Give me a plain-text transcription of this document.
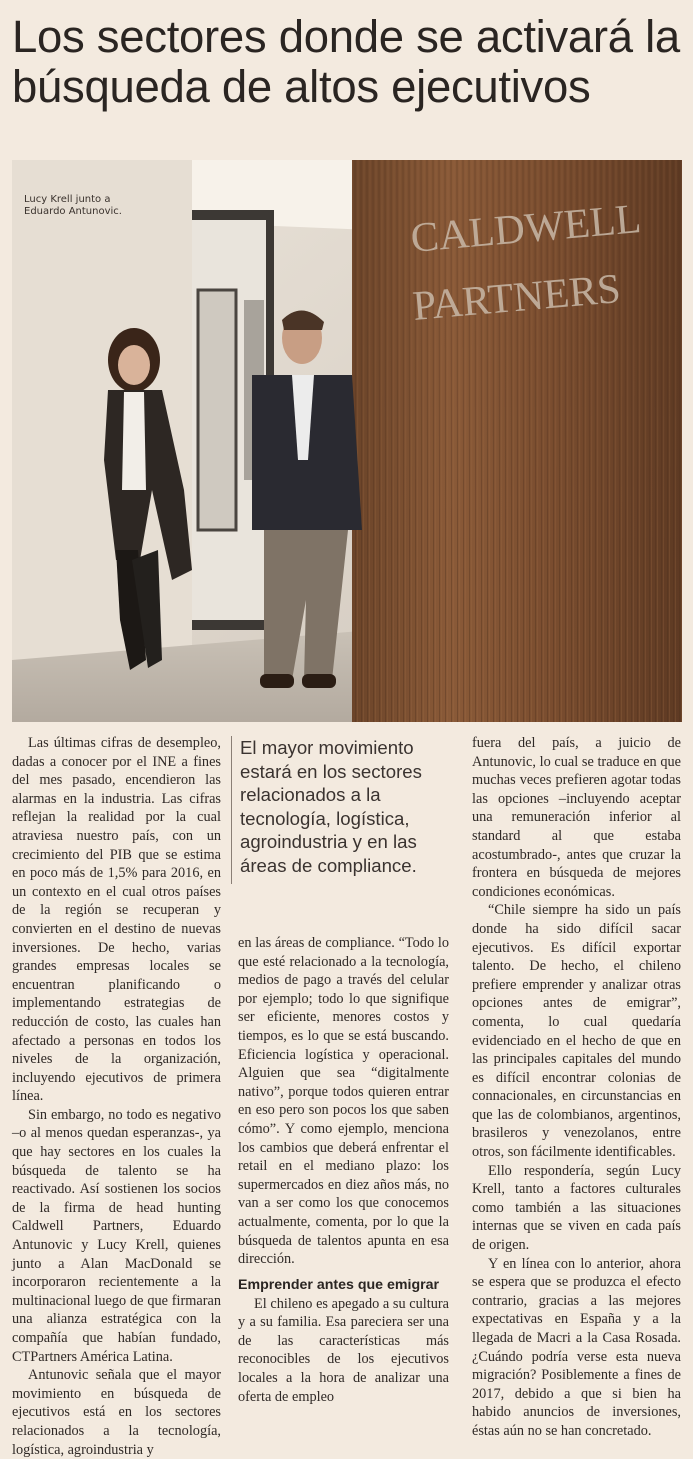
Los sectores donde se activará la búsqueda de altos ejecutivos
CALDWELL
PARTNERS
Lucy Krell junto a Eduardo Antunovic.

Las últimas cifras de desempleo, dadas a conocer por el INE a fines del mes pasado, encendieron las alarmas en la industria. Las cifras reflejan la realidad por la cual atraviesa nuestro país, con un crecimiento del PIB que se estima en poco más de 1,5% para 2016, en un contexto en el cual otros países de la región se recuperan y convierten en el destino de nuevas inversiones. De hecho, varias grandes empresas locales se encuentran planificando o implementando estrategias de reducción de costo, las cuales han afectado a personas en todos los niveles de la organización, incluyendo ejecutivos de primera línea.

Sin embargo, no todo es negativo –o al menos quedan esperanzas-, ya que hay sectores en los cuales la búsqueda de talento se ha reactivado. Así sostienen los socios de la firma de head hunting Caldwell Partners, Eduardo Antunovic y Lucy Krell, quienes junto a Alan MacDonald se incorporaron recientemente a la multinacional luego de que firmaran una alianza estratégica con la compañía que habían fundado, CTPartners América Latina.

Antunovic señala que el mayor movimiento en búsqueda de ejecutivos está en los sectores relacionados a la tecnología, logística, agroindustria y

El mayor movimiento estará en los sectores relacionados a la tecnología, logística, agroindustria y en las áreas de compliance.

en las áreas de compliance. “Todo lo que esté relacionado a la tecnología, medios de pago a través del celular por ejemplo; todo lo que signifique ser eficiente, menores costos y tiempos, es lo que se está buscando. Eficiencia logística y operacional. Alguien que sea “digitalmente nativo”, porque todos quieren entrar en eso pero son pocos los que saben cómo”. Y como ejemplo, menciona los cambios que deberá enfrentar el retail en el mediano plazo: los supermercados en diez años más, no van a ser como los que conocemos actualmente, comenta, por lo que la búsqueda de talentos apunta en esa dirección.

Emprender antes que emigrar

El chileno es apegado a su cultura y a su familia. Esa pareciera ser una de las características más reconocibles de los ejecutivos locales a la hora de analizar una oferta de empleo

fuera del país, a juicio de Antunovic, lo cual se traduce en que muchas veces prefieren agotar todas las opciones –incluyendo aceptar una remuneración inferior al standard al que estaba acostumbrado-, antes que cruzar la frontera en búsqueda de mejores condiciones económicas.

“Chile siempre ha sido un país donde ha sido difícil sacar ejecutivos. Es difícil exportar talento. De hecho, el chileno prefiere emprender y analizar otras opciones antes de emigrar”, comenta, lo cual quedaría evidenciado en el hecho de que en las principales capitales del mundo es difícil encontrar colonias de connacionales, en circunstancias en que las de colombianos, argentinos, brasileros y venezolanos, entre otros, son fácilmente identificables.

Ello respondería, según Lucy Krell, tanto a factores culturales como también a las situaciones internas que se viven en cada país de origen.

Y en línea con lo anterior, ahora se espera que se produzca el efecto contrario, gracias a las mejores expectativas en España y a la llegada de Macri a la Casa Rosada. ¿Cuándo podría verse esta nueva migración? Posiblemente a fines de 2017, debido a que si bien ha habido anuncios de inversiones, éstas aún no se han concretado.
